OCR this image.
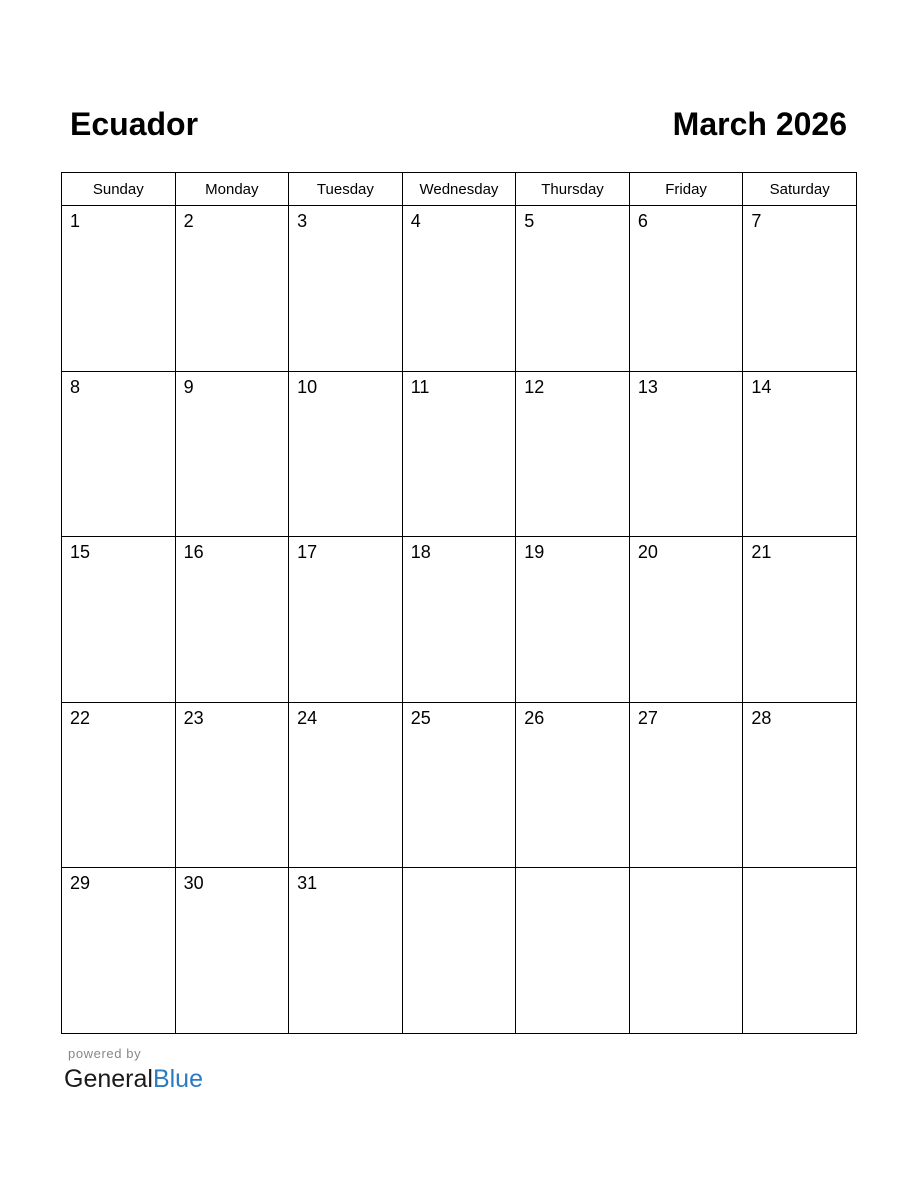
Ecuador	March 2026
Sunday	Monday	Tuesday	Wednesday	Thursday	Friday	Saturday

1	2	3	4	5	6	7

8	9	10	11	12	13	14

15	16	17	18	19	20	21

22	23	24	25	26	27	28

29	30	31				

powered by
GeneralBlue
